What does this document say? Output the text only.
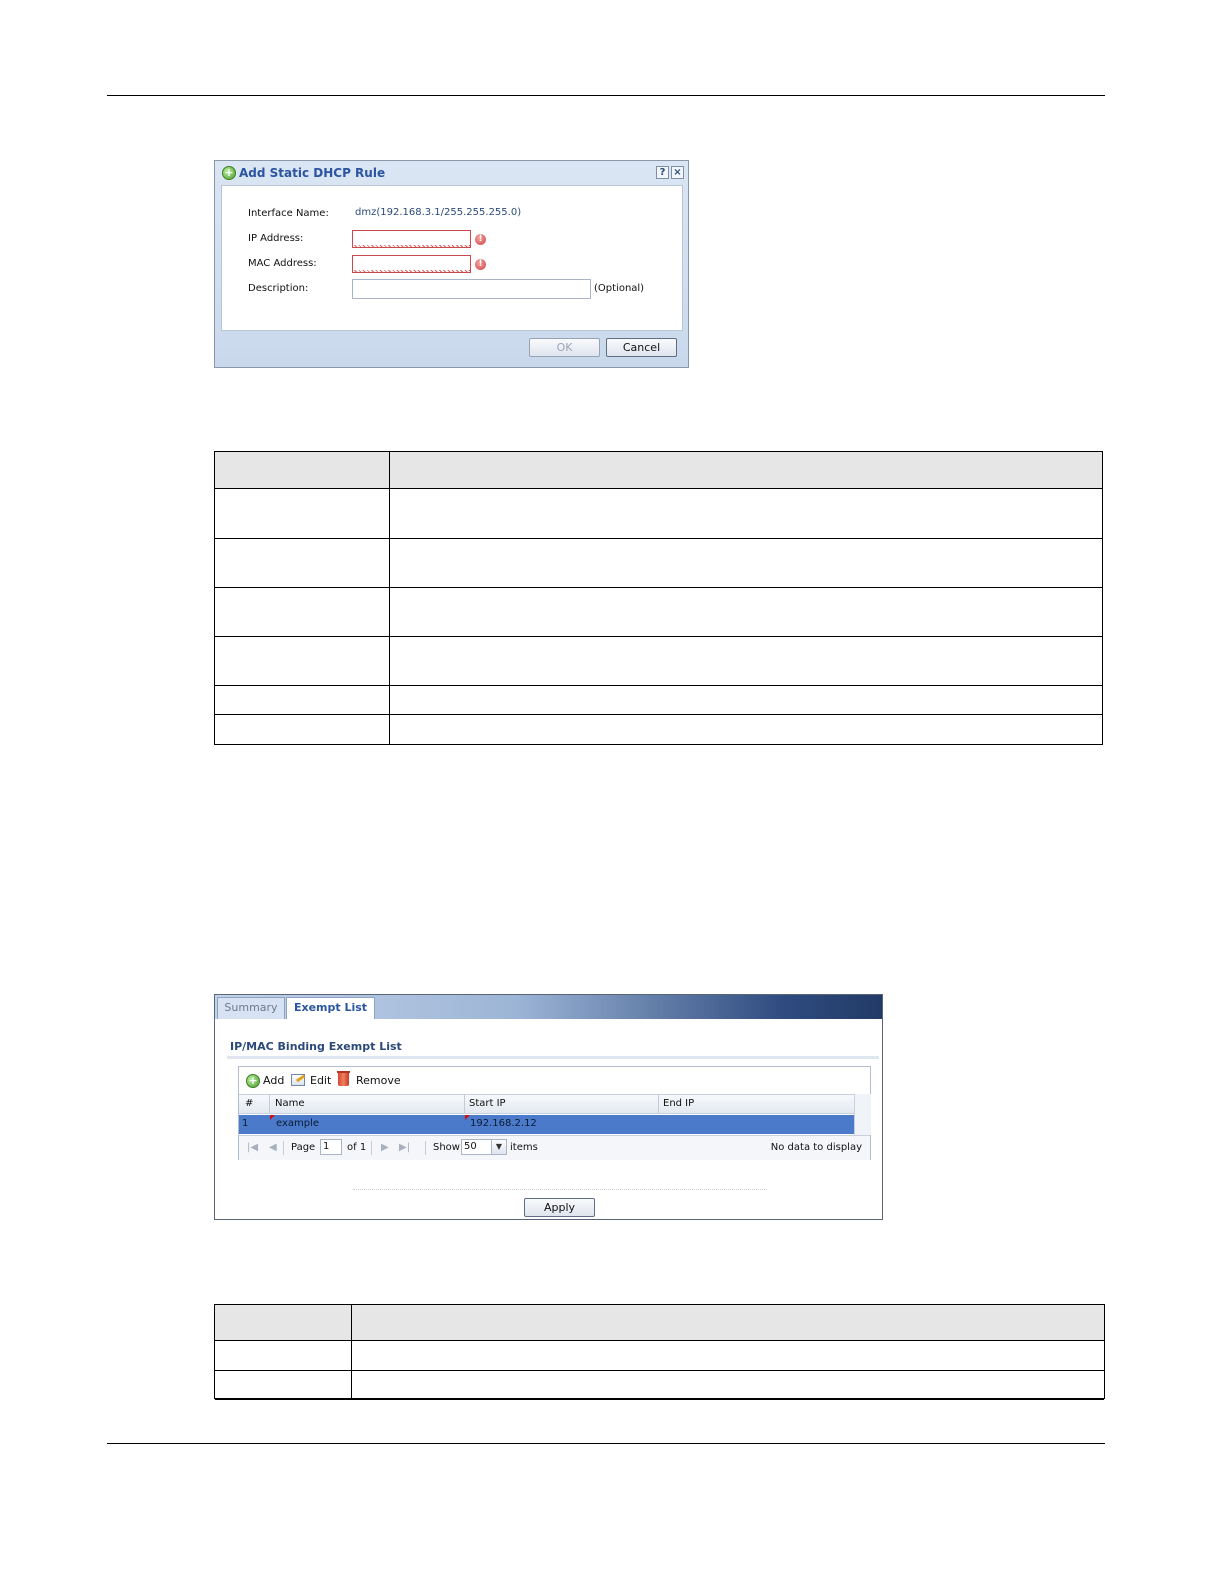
+ Add Static DHCP Rule	? ×
Interface Name:	dmz(192.168.3.1/255.255.255.0)
IP Address:	!
MAC Address:	!
Description:	(Optional)
OK	Cancel
Summary	Exempt List
IP/MAC Binding Exempt List
+ Add Edit Remove
# Name	Start IP	End IP
1	example	192.168.2.12
|◀ ◀ Page 1	of 1 ▶ ▶| Show 50	▼ items	No data to display
Apply
